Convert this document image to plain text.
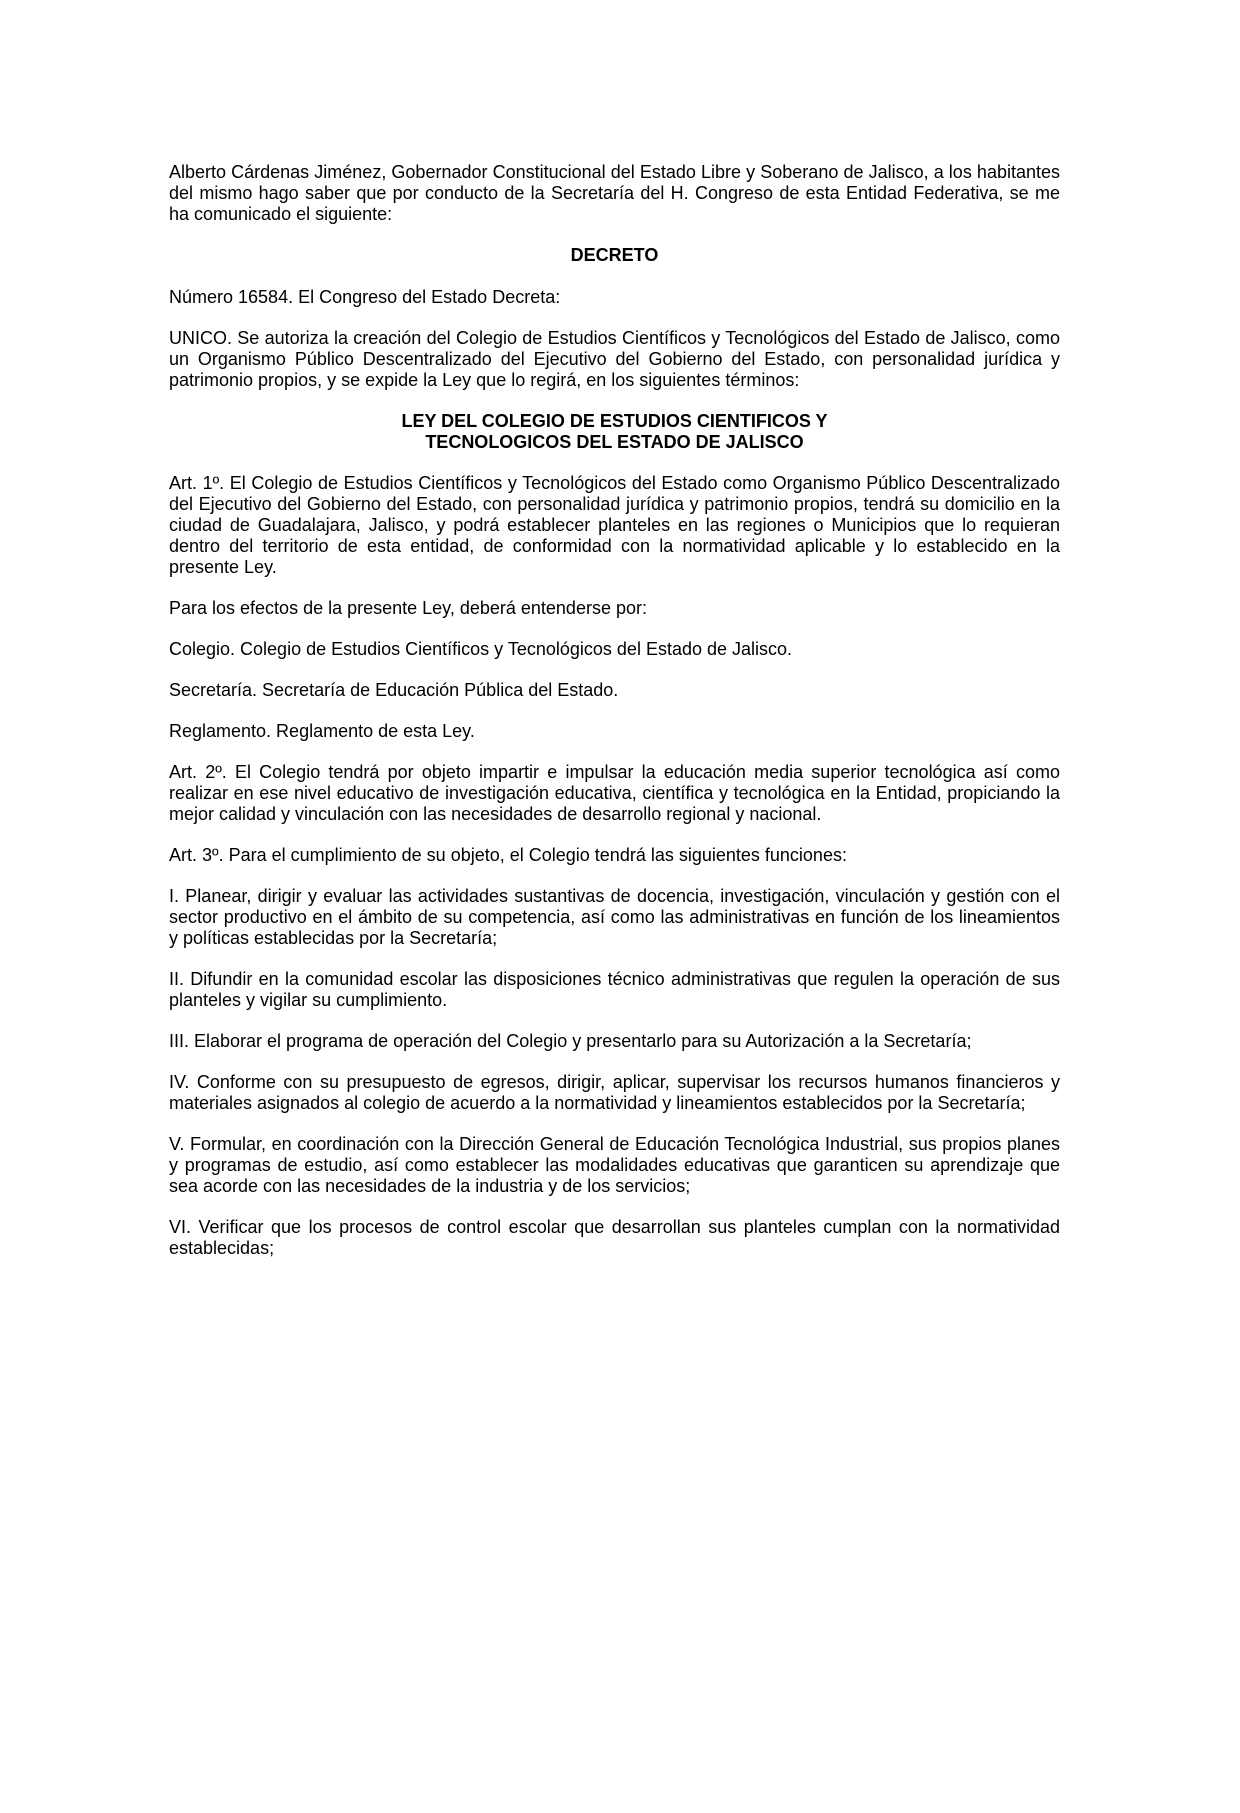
Alberto Cárdenas Jiménez, Gobernador Constitucional del Estado Libre y Soberano de Jalisco, a los habitantes del mismo hago saber que por conducto de la Secretaría del H. Congreso de esta Entidad Federativa, se me ha comunicado el siguiente:

DECRETO

Número 16584. El Congreso del Estado Decreta:

UNICO. Se autoriza la creación del Colegio de Estudios Científicos y Tecnológicos del Estado de Jalisco, como un Organismo Público Descentralizado del Ejecutivo del Gobierno del Estado, con personalidad jurídica y patrimonio propios, y se expide la Ley que lo regirá, en los siguientes términos:

LEY DEL COLEGIO DE ESTUDIOS CIENTIFICOS Y
TECNOLOGICOS DEL ESTADO DE JALISCO

Art. 1º. El Colegio de Estudios Científicos y Tecnológicos del Estado como Organismo Público Descentralizado del Ejecutivo del Gobierno del Estado, con personalidad jurídica y patrimonio propios, tendrá su domicilio en la ciudad de Guadalajara, Jalisco, y podrá establecer planteles en las regiones o Municipios que lo requieran dentro del territorio de esta entidad, de conformidad con la normatividad aplicable y lo establecido en la presente Ley.

Para los efectos de la presente Ley, deberá entenderse por:

Colegio. Colegio de Estudios Científicos y Tecnológicos del Estado de Jalisco.

Secretaría. Secretaría de Educación Pública del Estado.

Reglamento. Reglamento de esta Ley.

Art. 2º. El Colegio tendrá por objeto impartir e impulsar la educación media superior tecnológica así como realizar en ese nivel educativo de investigación educativa, científica y tecnológica en la Entidad, propiciando la mejor calidad y vinculación con las necesidades de desarrollo regional y nacional.

Art. 3º. Para el cumplimiento de su objeto, el Colegio tendrá las siguientes funciones:

I. Planear, dirigir y evaluar las actividades sustantivas de docencia, investigación, vinculación y gestión con el sector productivo en el ámbito de su competencia, así como las administrativas en función de los lineamientos y políticas establecidas por la Secretaría;

II. Difundir en la comunidad escolar las disposiciones técnico administrativas que regulen la operación de sus planteles y vigilar su cumplimiento.

III. Elaborar el programa de operación del Colegio y presentarlo para su Autorización a la Secretaría;

IV. Conforme con su presupuesto de egresos, dirigir, aplicar, supervisar los recursos humanos financieros y materiales asignados al colegio de acuerdo a la normatividad y lineamientos establecidos por la Secretaría;

V. Formular, en coordinación con la Dirección General de Educación Tecnológica Industrial, sus propios planes y programas de estudio, así como establecer las modalidades educativas que garanticen su aprendizaje que sea acorde con las necesidades de la industria y de los servicios;

VI. Verificar que los procesos de control escolar que desarrollan sus planteles cumplan con la normatividad establecidas;
